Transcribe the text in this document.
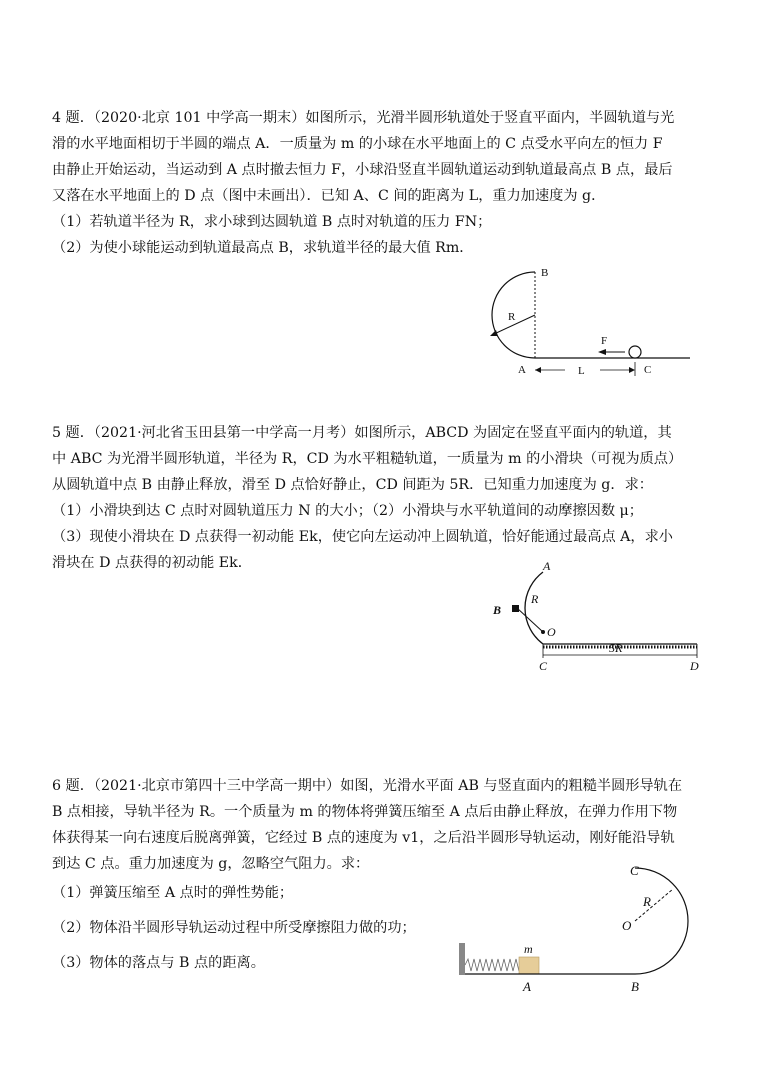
4 题．（2020·北京 101 中学高一期末）如图所示，光滑半圆形轨道处于竖直平面内，半圆轨道与光
滑的水平地面相切于半圆的端点 A．一质量为 m 的小球在水平地面上的 C 点受水平向左的恒力 F
由静止开始运动，当运动到 A 点时撤去恒力 F，小球沿竖直半圆轨道运动到轨道最高点 B 点，最后
又落在水平地面上的 D 点（图中未画出）．已知 A、C 间的距离为 L，重力加速度为 g．
（1）若轨道半径为 R，求小球到达圆轨道 B 点时对轨道的压力 FN；
（2）为使小球能运动到轨道最高点 B，求轨道半径的最大值 Rm．
B
R
F
A	L	C
5 题．（2021·河北省玉田县第一中学高一月考）如图所示，ABCD 为固定在竖直平面内的轨道，其
中 ABC 为光滑半圆形轨道，半径为 R，CD 为水平粗糙轨道，一质量为 m 的小滑块（可视为质点）
从圆轨道中点 B 由静止释放，滑至 D 点恰好静止，CD 间距为 5R．已知重力加速度为 g．求：
（1）小滑块到达 C 点时对圆轨道压力 N 的大小；（2）小滑块与水平轨道间的动摩擦因数 μ；
（3）现使小滑块在 D 点获得一初动能 Ek，使它向左运动冲上圆轨道，恰好能通过最高点 A，求小
滑块在 D 点获得的初动能 Ek．	A
R
B
O
C
5R
D
6 题．（2021·北京市第四十三中学高一期中）如图，光滑水平面 AB 与竖直面内的粗糙半圆形导轨在
B 点相接，导轨半径为 R。一个质量为 m 的物体将弹簧压缩至 A 点后由静止释放，在弹力作用下物
体获得某一向右速度后脱离弹簧，它经过 B 点的速度为 v1，之后沿半圆形导轨运动，刚好能沿导轨
到达 C 点。重力加速度为 g，忽略空气阻力。求：
（1）弹簧压缩至 A 点时的弹性势能；
（2）物体沿半圆形导轨运动过程中所受摩擦阻力做的功；
（3）物体的落点与 B 点的距离。
C
R
O
m
A	B
